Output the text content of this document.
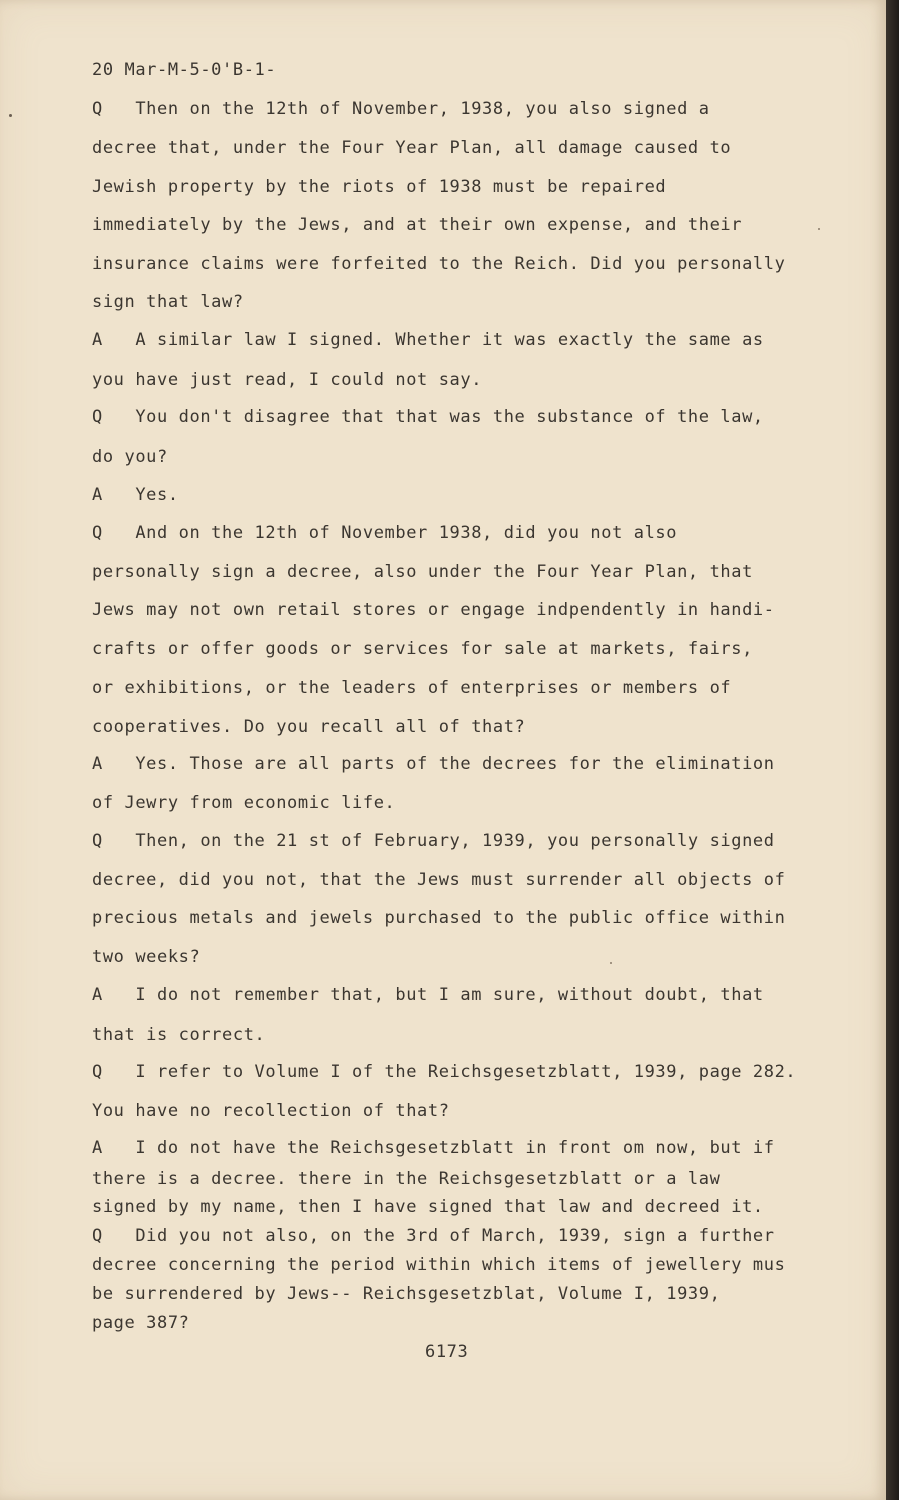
20 Mar-M-5-0'B-1-

Q   Then on the 12th of November, 1938, you also signed a

decree that, under the Four Year Plan, all damage caused to

Jewish property by the riots of 1938 must be repaired

immediately by the Jews, and at their own expense, and their

insurance claims were forfeited to the Reich. Did you personally

sign that law?

A   A similar law I signed. Whether it was exactly the same as

you have just read, I could not say.

Q   You don't disagree that that was the substance of the law,

do you?

A   Yes.

Q   And on the 12th of November 1938, did you not also

personally sign a decree, also under the Four Year Plan, that

Jews may not own retail stores or engage indpendently in handi-

crafts or offer goods or services for sale at markets, fairs,

or exhibitions, or the leaders of enterprises or members of

cooperatives. Do you recall all of that?

A   Yes. Those are all parts of the decrees for the elimination

of Jewry from economic life.

Q   Then, on the 21 st of February, 1939, you personally signed

decree, did you not, that the Jews must surrender all objects of

precious metals and jewels purchased to the public office within

two weeks?

A   I do not remember that, but I am sure, without doubt, that

that is correct.

Q   I refer to Volume I of the Reichsgesetzblatt, 1939, page 282.

You have no recollection of that?

A   I do not have the Reichsgesetzblatt in front om now, but if

there is a decree. there in the Reichsgesetzblatt or a law

signed by my name, then I have signed that law and decreed it.

Q   Did you not also, on the 3rd of March, 1939, sign a further

decree concerning the period within which items of jewellery mus

be surrendered by Jews-- Reichsgesetzblat, Volume I, 1939,

page 387?

6173
